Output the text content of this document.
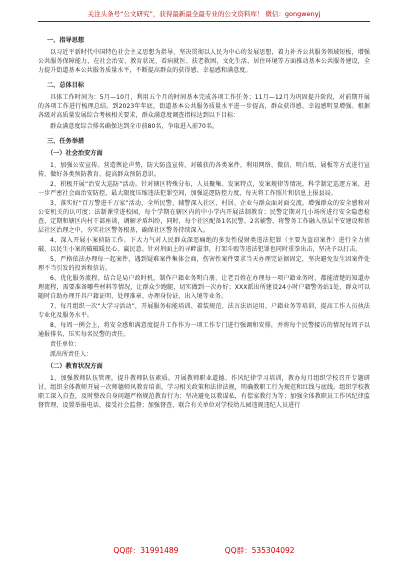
关注头条号“公文研究”，获得最新最全最专业的公文资料库！ 微信：gongwenyj
一、指导思想

以习近平新时代中国特色社会主义思想为指导，坚决贯彻以人民为中心的发展思想，着力补齐公共服务领域短板，增强公共服务保障能力，在社会治安、教育状况、看病就医、扶老救困、文化生活、居住环境等方面推动基本公共服务建设，全力提升街道基本公共服务质量水平，不断提高群众的获得感、幸福感和满意度。

二、总体目标

具体工作时间为：5月—10月，利用五个月的时间基本完成各项工作任务；11月—12月为巩固提升阶段，对前期开展的各项工作进行梳理总结。到2023年年底，街道基本公共服务质量水平进一步提高，群众获得感、幸福感明显增强。根据各级对高质量发展综合考核相关要求，群众满意度调查指标达到以下目标：

群众满意度综合排名确保达到全市前80名，争取进入前70名。

三、任务举措
（一）社会治安方面

1、加强公安宣传。营造舆论声势，防大防盗宣传，对破获的各类案件，利用网络、微信、明白纸、展板等方式进行宣传，做好各类预防教育，提高群众预防意识。

2、积极开展“治安大巡防”活动。针对辖区特殊分布，人员聚集、发案特点，发案规律等情况，科学制定巡逻方案，进一步严密社会面治安防控，最大限度压缩违法犯罪空间，加强巡逻防控力度，每天将工作照片和信息上报县局。

3、落实好“百万警进千万家”活动，全所民警、辅警深入社区、村居、企业与群众面对面交流，增强群众的安全感和对公安机关的认可度；法制课堂进校园，每个学期在辖区内的中小学内开展法制教育；民警定期对几小场所进行安全隐患检查，定期和辖区内村干部座谈，调解矛盾纠纷，同时，每个社区配备1名民警、2名辅警，将警务工作融入基层平安建设和基层社区治理之中，夯实社区警务根基，确保社区警务持续深入。

4、深入开展小案侦防工作。下大力气对人民群众深恶痛绝的多发性侵财类违法犯罪（主要为盗窃案件）进行全力侦破，以民生小案的破破暖民心、赢民意。针对刑面上的寻衅滋事，打架斗殴等违法犯罪也同时重拳出击，坚决予以打击。

5、严格依法办理每一起案件，遇到疑难案件集体会商，伤害性案件要求当天办理完证据固定，坚决避免发生因案件处理不当引发的投诉和信访。

6、优化服务流程。结合是局户政时机，制作户籍业务明白册，让老百姓在办理每一项户籍业务时，都能清楚的知道办理流程，需要准备哪些材料等情况，让群众少跑腿，切实做到一次办好；XXX派出所建设24小时户籍警务站1处，群众可以随时自助办理开具户籍证明、处理准章、办理身份证、出入境等业务。

7、每月组织一次“大学习活动”，开展服务标能培训、着装规范、法言法语运用、户籍业务等培训，提高工作人员执法专业化及服务水平。

8、每周一例会上，将安全感和满意度提升工作作为一项工作专门进行强调和安排，并将每个民警接访的情况每周予以通报排名，压实每名民警的责任。

责任单位：
派出所责任人：
（二）教育状况方面

1、加强教师队伍管理，提升教师队伍素质。开展教师职业道德、作风纪律学习培训，教办每月组织学校召开专题研讨，组织全体教师开展一次师德师风教育培训，学习相关政策和法律法规，明确教职工行为规范和红线与底线。组织学校教职工深入自查，及时整改自身问题严格规范教育行为；坚决避免以教谋私，有偿家教行为等；加强全体教职员工作风纪律监督管理，设置举报电话，接受社会监督；加强督查，联合有关单位对学校幼儿园违规违纪人员进行

QQ群：31991489	QQ群：535304092
